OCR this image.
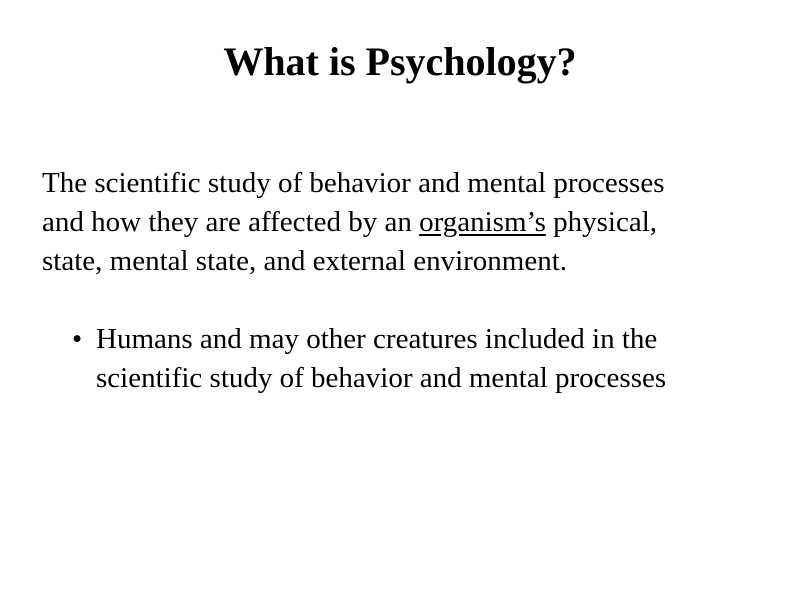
What is Psychology?

The scientific study of behavior and mental processes
and how they are affected by an organism’s physical,
state, mental state, and external environment.

• Humans and may other creatures included in the
scientific study of behavior and mental processes
